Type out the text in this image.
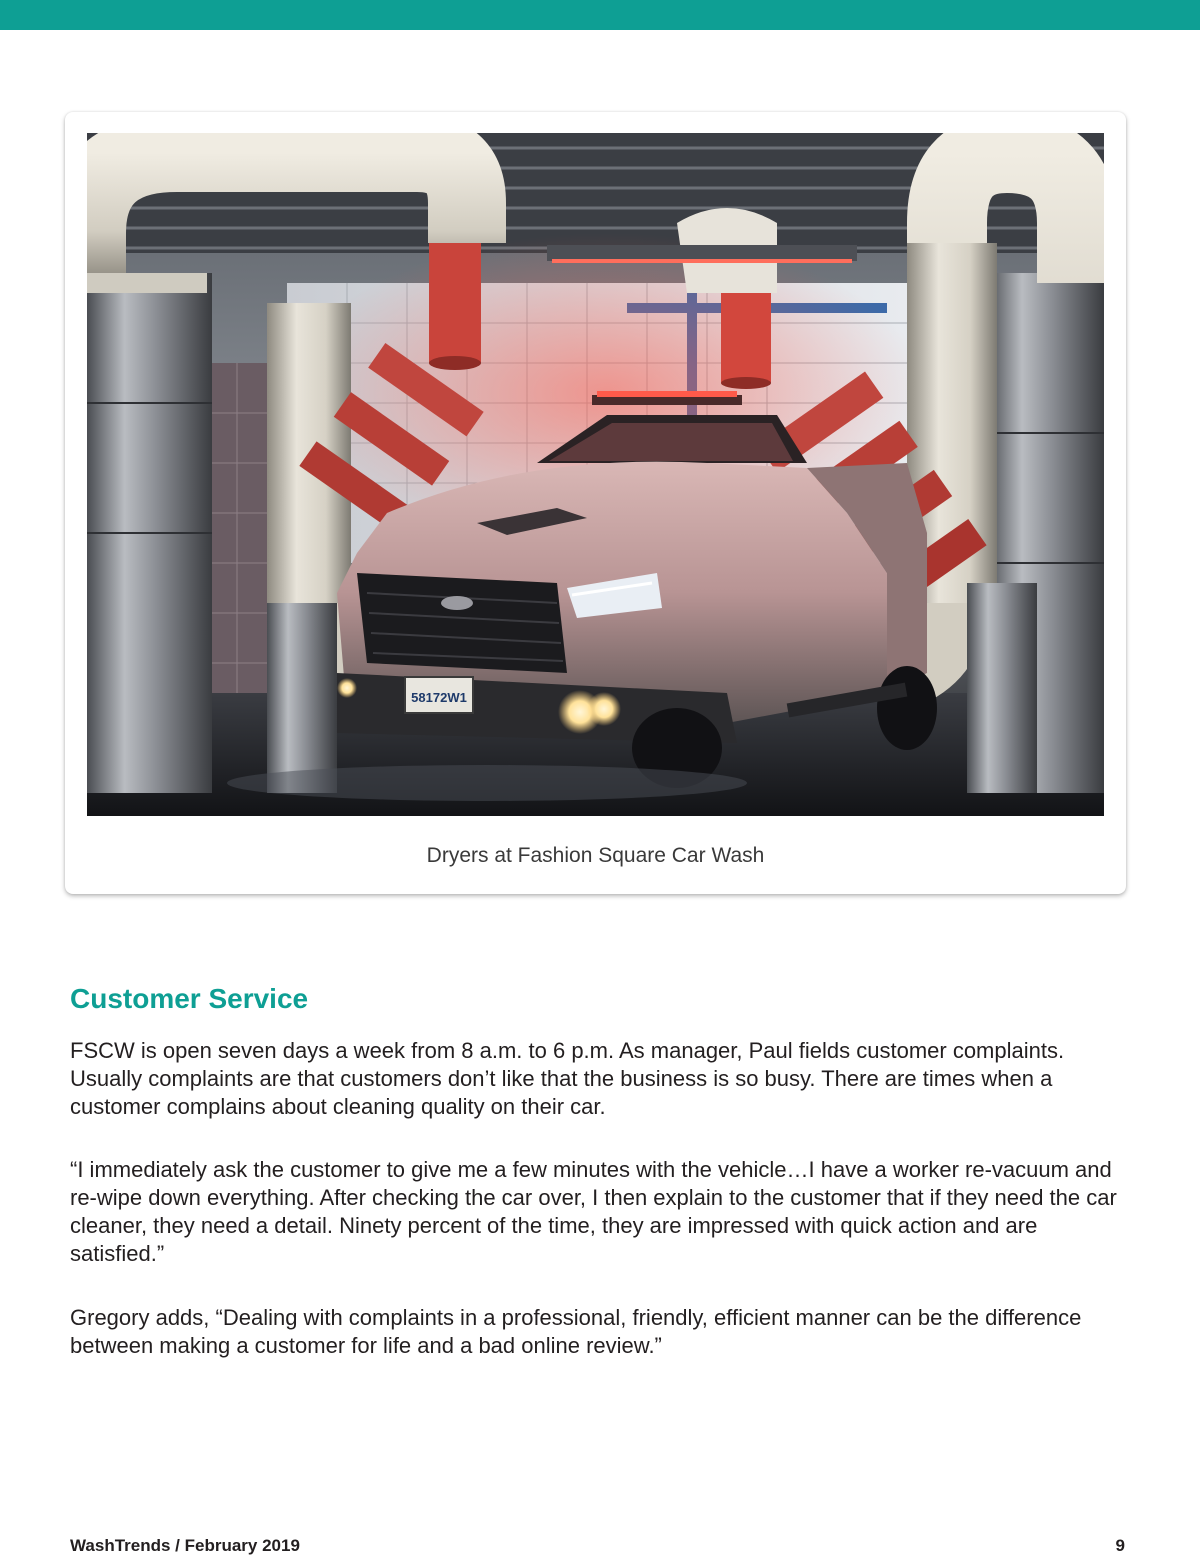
58172W1
Dryers at Fashion Square Car Wash
Customer Service

FSCW is open seven days a week from 8 a.m. to 6 p.m. As manager, Paul fields customer complaints. Usually complaints are that customers don’t like that the business is so busy. There are times when a customer complains about cleaning quality on their car.

“I immediately ask the customer to give me a few minutes with the vehicle…I have a worker re-vacuum and re-wipe down everything. After checking the car over, I then explain to the customer that if they need the car cleaner, they need a detail. Ninety percent of the time, they are impressed with quick action and are satisfied.”

Gregory adds, “Dealing with complaints in a professional, friendly, efficient manner can be the difference between making a customer for life and a bad online review.”

WashTrends / February 2019	9
